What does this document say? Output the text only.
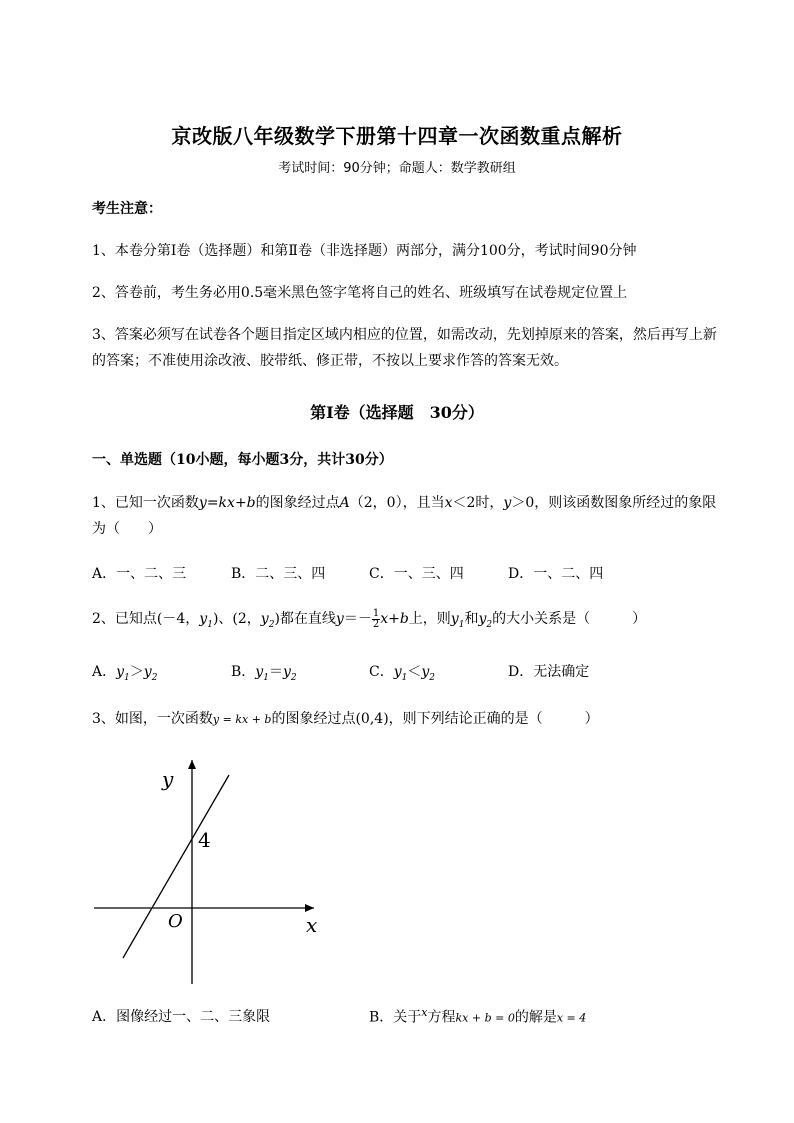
京改版八年级数学下册第十四章一次函数重点解析
考试时间：90分钟；命题人：数学教研组
考生注意：
1、本卷分第Ⅰ卷（选择题）和第Ⅱ卷（非选择题）两部分，满分100分，考试时间90分钟
2、答卷前，考生务必用0.5毫米黑色签字笔将自己的姓名、班级填写在试卷规定位置上
3、答案必须写在试卷各个题目指定区域内相应的位置，如需改动，先划掉原来的答案，然后再写上新
的答案；不准使用涂改液、胶带纸、修正带，不按以上要求作答的答案无效。
第Ⅰ卷（选择题　30分）
一、单选题（10小题，每小题3分，共计30分）
1、已知一次函数y=kx+b的图象经过点A（2，0），且当x＜2时，y＞0，则该函数图象所经过的象限
为（　　）
A．一、二、三	B．二、三、四	C．一、三、四	D．一、二、四
2、已知点(－4，$y_1$)、(2，$y_2$)都在直线$y=- \frac{1}{2} x+b$上，则$y_1$和$y_2$的大小关系是（　　　）
A．$y_1>y_2$	B．$y_1=y_2$	C．$y_1<y_2$	D．无法确定
3、如图，一次函数y = kx + b的图象经过点(0,4)，则下列结论正确的是（　　　）
y
x
O
4
A．图像经过一、二、三象限	B．关于$^x$方程kx + b = 0的解是x = 4
